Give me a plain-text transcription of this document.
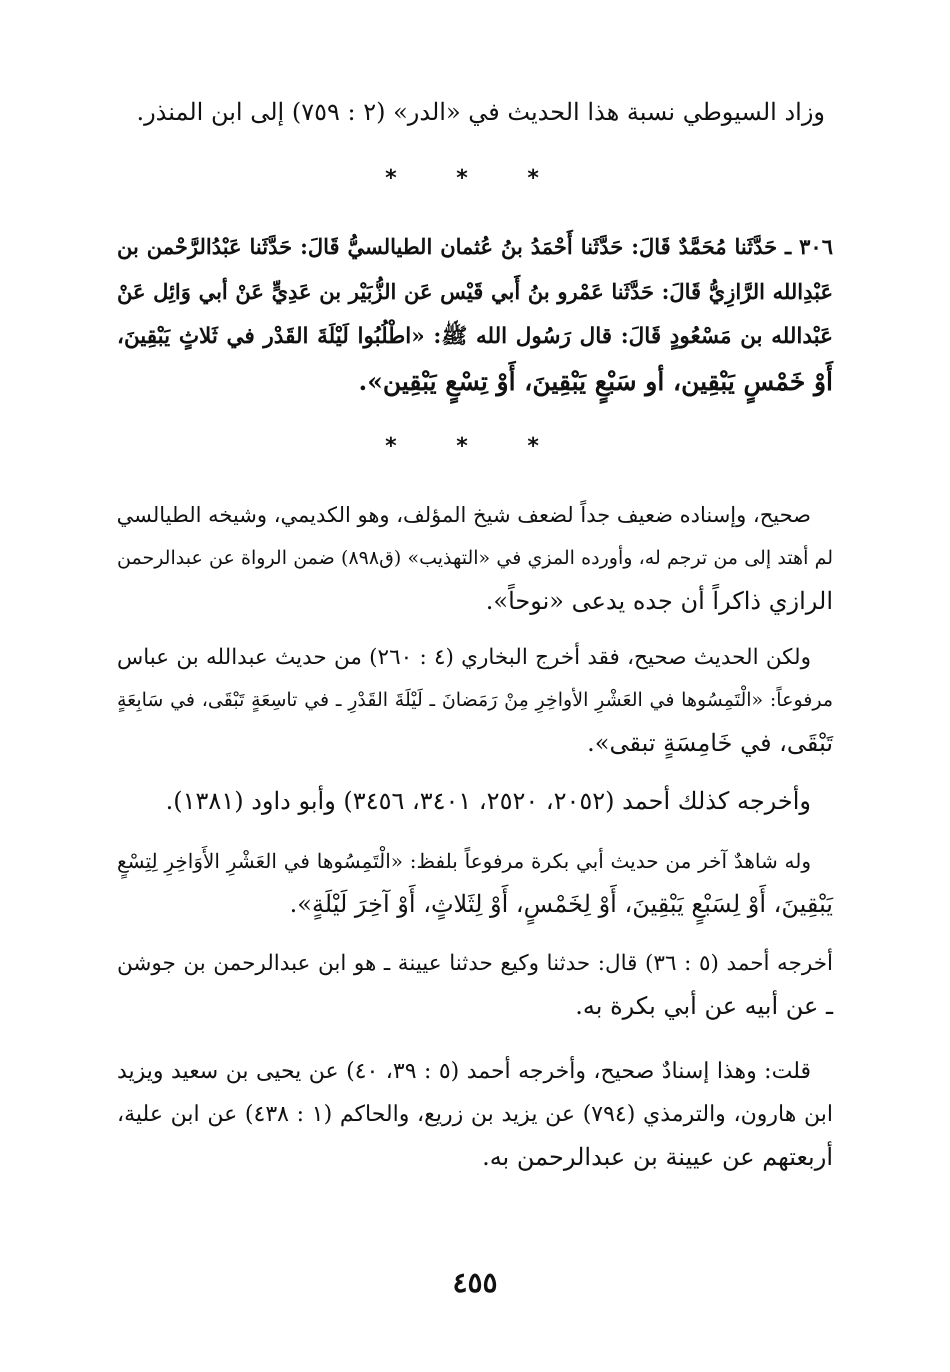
وزاد السيوطي نسبة هذا الحديث في «الدر» (٢ : ٧٥٩) إلى ابن المنذر.
* * *
٣٠٦ ـ حَدَّثَنا مُحَمَّدٌ قَالَ: حَدَّثَنا أَحْمَدُ بنُ عُثمان الطيالسيُّ قَالَ: حَدَّثَنا عَبْدُالرَّحْمن بن
عَبْدِالله الرَّازِيُّ قَالَ: حَدَّثَنا عَمْرو بنُ أَبي قَيْس عَن الزُّبَيْر بن عَدِيٍّ عَنْ أبي وَائِل عَنْ
عَبْدالله بن مَسْعُودٍ قَالَ: قال رَسُول الله ﷺ: «اطْلُبُوا لَيْلَةَ القَدْر في ثَلاثٍ يَبْقِينَ،
أَوْ خَمْسٍ يَبْقِين، أو سَبْعٍ يَبْقِينَ، أَوْ تِسْعٍ يَبْقِين».
* * *
صحيح، وإسناده ضعيف جداً لضعف شيخ المؤلف، وهو الكديمي، وشيخه الطيالسي
لم أهتد إلى من ترجم له، وأورده المزي في «التهذيب» (ق٨٩٨) ضمن الرواة عن عبدالرحمن
الرازي ذاكراً أن جده يدعى «نوحاً».
ولكن الحديث صحيح، فقد أخرج البخاري (٤ : ٢٦٠) من حديث عبدالله بن عباس
مرفوعاً: «الْتَمِسُوها في العَشْرِ الأواخِرِ مِنْ رَمَضانَ ـ لَيْلَةَ القَدْرِ ـ في تاسِعَةٍ تَبْقَى، في سَابِعَةٍ
تَبْقَى، في خَامِسَةٍ تبقى».
وأخرجه كذلك أحمد (٢٠٥٢، ٢٥٢٠، ٣٤٠١، ٣٤٥٦) وأبو داود (١٣٨١).
وله شاهدٌ آخر من حديث أبي بكرة مرفوعاً بلفظ: «الْتَمِسُوها في العَشْرِ الأَوَاخِرِ لِتِسْعٍ
يَبْقِينَ، أَوْ لِسَبْعٍ يَبْقِينَ، أَوْ لِخَمْسٍ، أَوْ لِثَلاثٍ، أَوْ آخِرَ لَيْلَةٍ».
أخرجه أحمد (٥ : ٣٦) قال: حدثنا وكيع حدثنا عيينة ـ هو ابن عبدالرحمن بن جوشن
ـ عن أبيه عن أبي بكرة به.
قلت: وهذا إسنادٌ صحيح، وأخرجه أحمد (٥ : ٣٩، ٤٠) عن يحيى بن سعيد ويزيد
ابن هارون، والترمذي (٧٩٤) عن يزيد بن زريع، والحاكم (١ : ٤٣٨) عن ابن علية،
أربعتهم عن عيينة بن عبدالرحمن به.
٤٥٥
